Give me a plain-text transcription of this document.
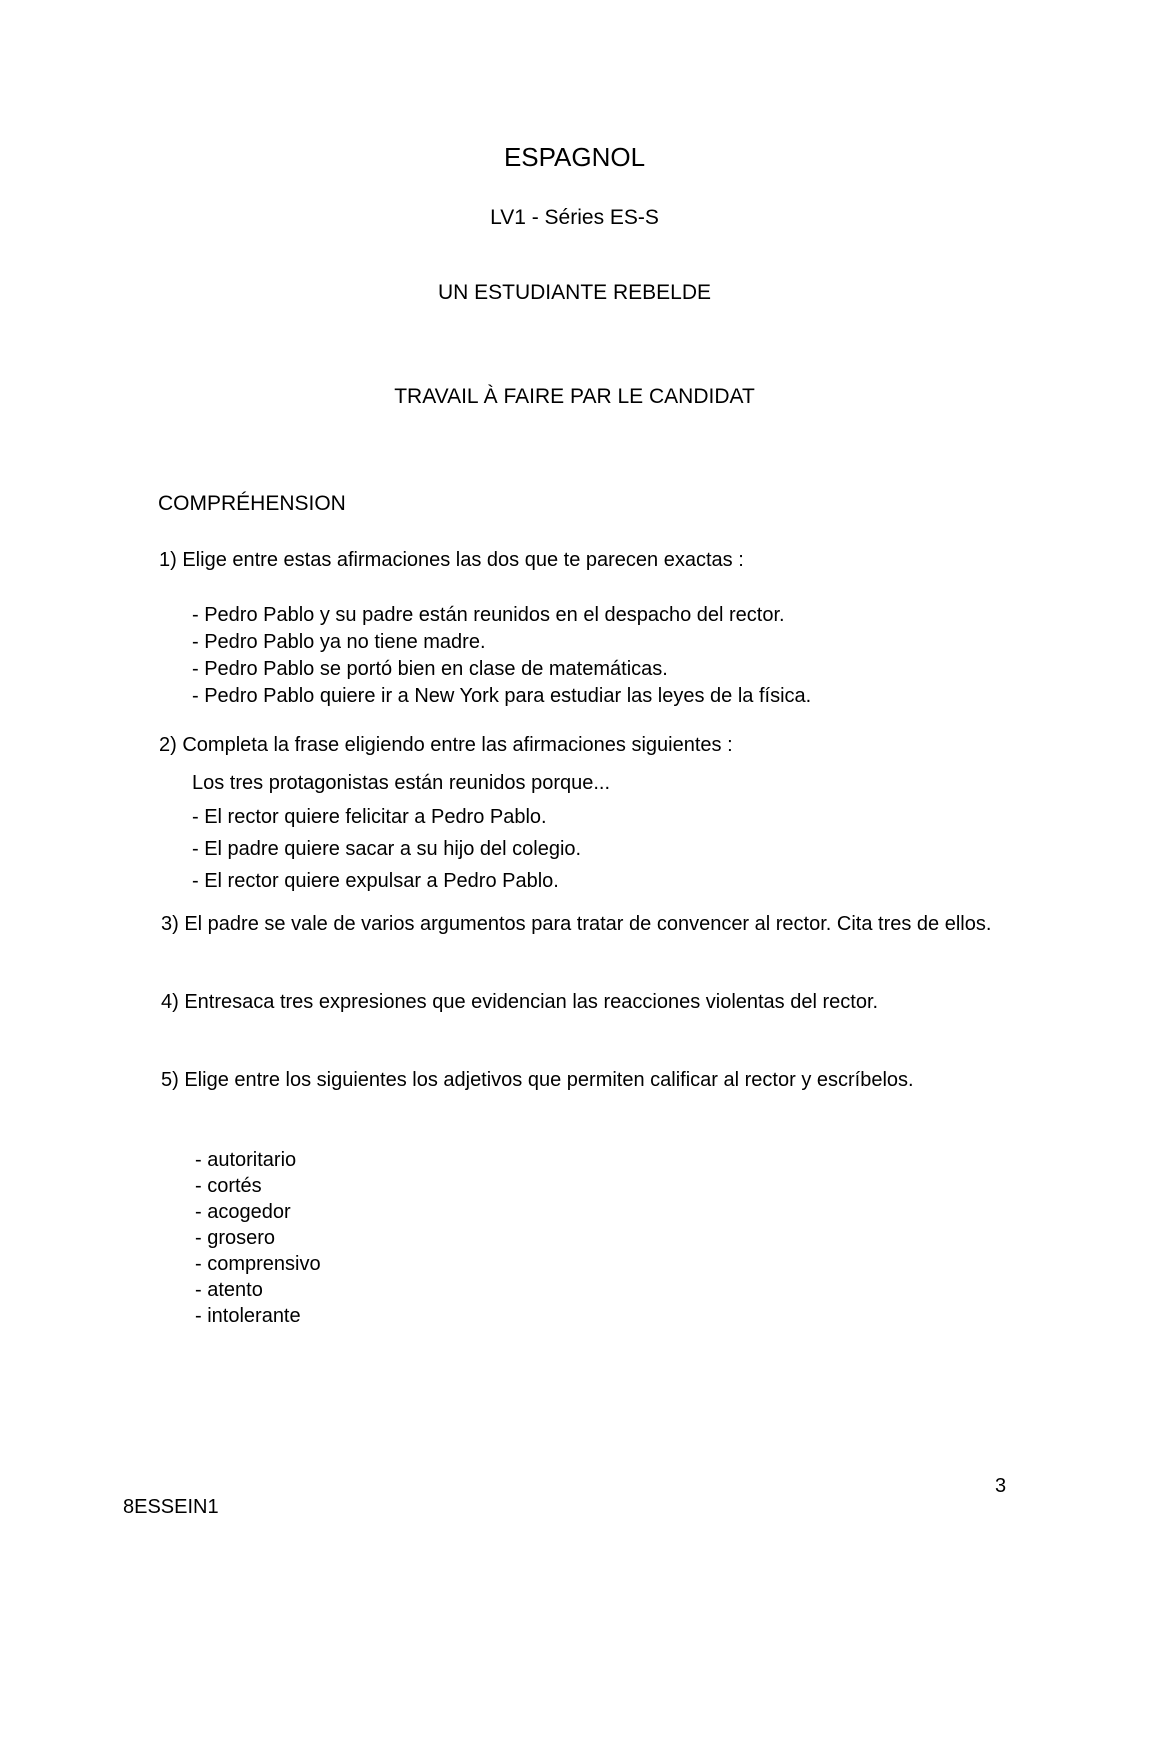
ESPAGNOL
LV1 - Séries ES-S
UN ESTUDIANTE REBELDE
TRAVAIL À FAIRE PAR LE CANDIDAT
COMPRÉHENSION
1) Elige entre estas afirmaciones las dos que te parecen exactas :
- Pedro Pablo y su padre están reunidos en el despacho del rector.
- Pedro Pablo ya no tiene madre.
- Pedro Pablo se portó bien en clase de matemáticas.
- Pedro Pablo quiere ir a New York para estudiar las leyes de la física.
2) Completa la frase eligiendo entre las afirmaciones siguientes :
Los tres protagonistas están reunidos porque...
- El rector quiere felicitar a Pedro Pablo.
- El padre quiere sacar a su hijo del colegio.
- El rector quiere expulsar a Pedro Pablo.
3) El padre se vale de varios argumentos para tratar de convencer al rector. Cita tres de ellos.
4) Entresaca tres expresiones que evidencian las reacciones violentas del rector.
5) Elige entre los siguientes los adjetivos que permiten calificar al rector y escríbelos.
- autoritario
- cortés
- acogedor
- grosero
- comprensivo
- atento
- intolerante
8ESSEIN1
3
